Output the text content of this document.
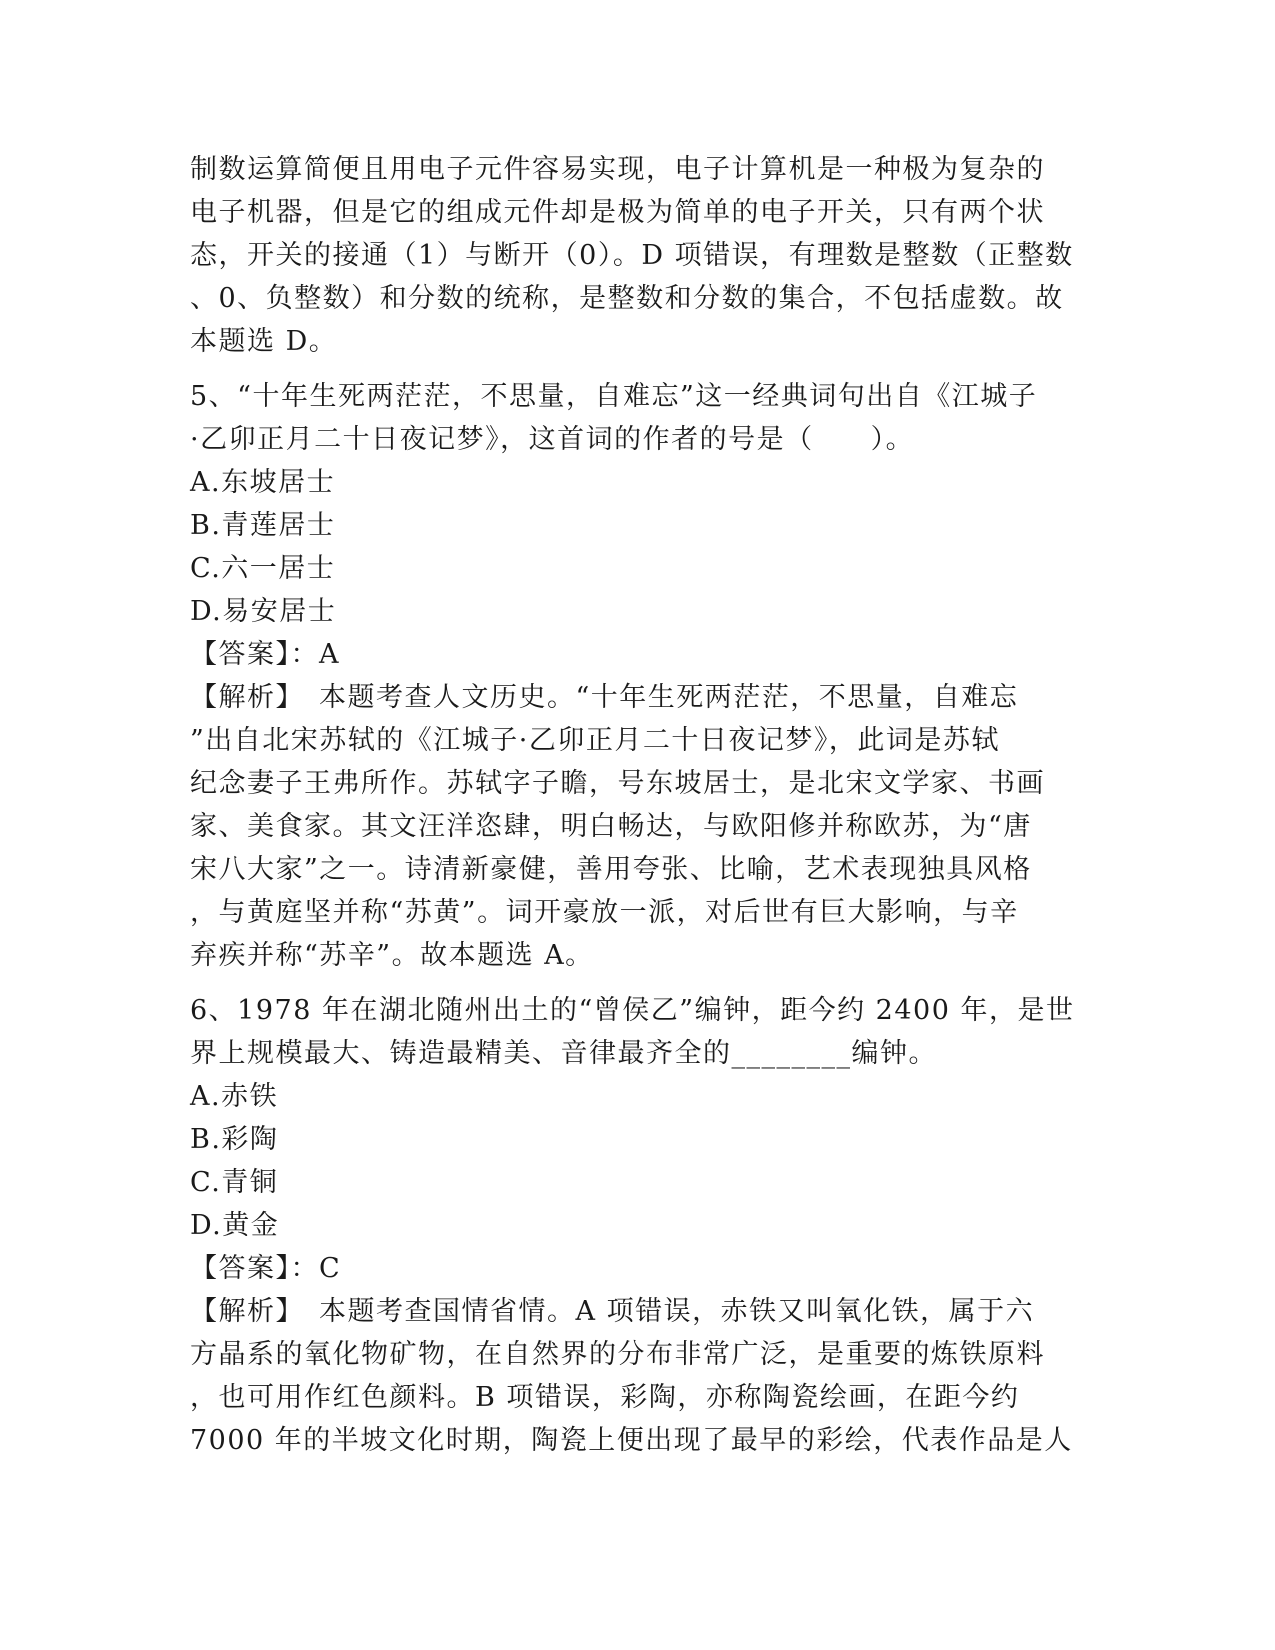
制数运算简便且用电子元件容易实现，电子计算机是一种极为复杂的
电子机器，但是它的组成元件却是极为简单的电子开关，只有两个状
态，开关的接通（1）与断开（0）。D 项错误，有理数是整数（正整数
、0、负整数）和分数的统称，是整数和分数的集合，不包括虚数。故
本题选 D。
5、“十年生死两茫茫，不思量，自难忘”这一经典词句出自《江城子
·乙卯正月二十日夜记梦》，这首词的作者的号是（　　）。
A.东坡居士
B.青莲居士
C.六一居士
D.易安居士
【答案】：A
【解析】　本题考查人文历史。“十年生死两茫茫，不思量，自难忘
”出自北宋苏轼的《江城子·乙卯正月二十日夜记梦》，此词是苏轼
纪念妻子王弗所作。苏轼字子瞻，号东坡居士，是北宋文学家、书画
家、美食家。其文汪洋恣肆，明白畅达，与欧阳修并称欧苏，为“唐
宋八大家”之一。诗清新豪健，善用夸张、比喻，艺术表现独具风格
，与黄庭坚并称“苏黄”。词开豪放一派，对后世有巨大影响，与辛
弃疾并称“苏辛”。故本题选 A。
6、1978 年在湖北随州出土的“曾侯乙”编钟，距今约 2400 年，是世
界上规模最大、铸造最精美、音律最齐全的________编钟。
A.赤铁
B.彩陶
C.青铜
D.黄金
【答案】：C
【解析】　本题考查国情省情。A 项错误，赤铁又叫氧化铁，属于六
方晶系的氧化物矿物，在自然界的分布非常广泛，是重要的炼铁原料
，也可用作红色颜料。B 项错误，彩陶，亦称陶瓷绘画，在距今约
7000 年的半坡文化时期，陶瓷上便出现了最早的彩绘，代表作品是人
